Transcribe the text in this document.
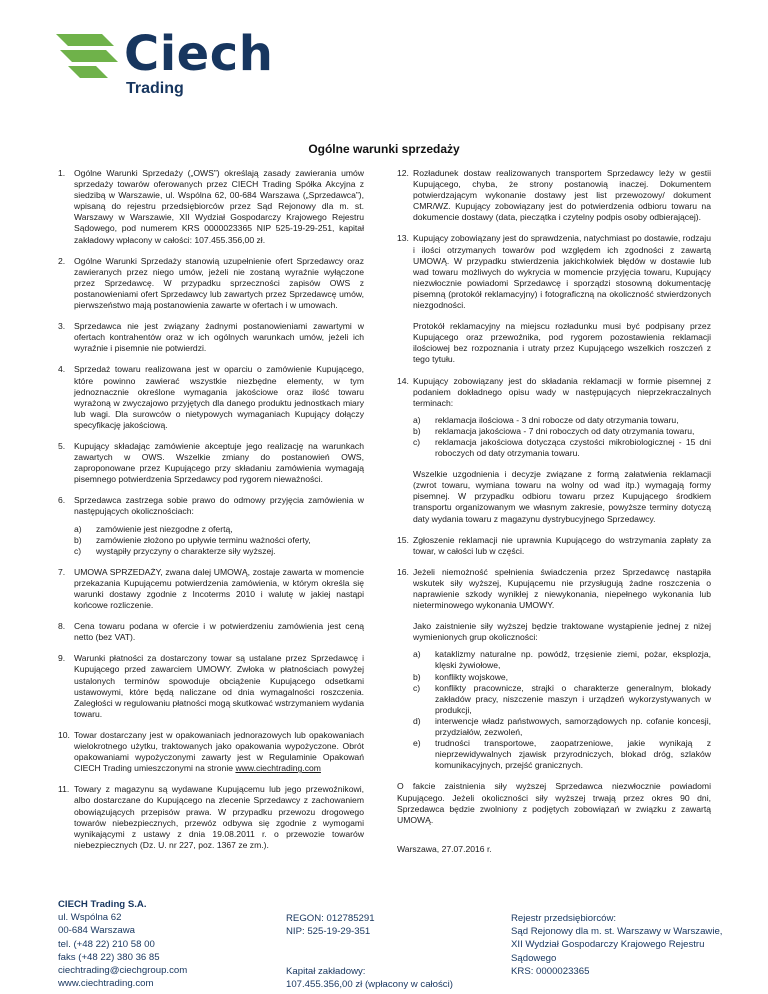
Ciech
Trading
Ogólne warunki sprzedaży
1. Ogólne Warunki Sprzedaży („OWS”) określają zasady zawierania umów sprzedaży towarów oferowanych przez CIECH Trading Spółka Akcyjna z siedzibą w Warszawie, ul. Wspólna 62, 00-684 Warszawa („Sprzedawca”), wpisaną do rejestru przedsiębiorców przez Sąd Rejonowy dla m. st. Warszawy w Warszawie, XII Wydział Gospodarczy Krajowego Rejestru Sądowego, pod numerem KRS 0000023365 NIP 525-19-29-251, kapitał zakładowy wpłacony w całości: 107.455.356,00 zł.
2. Ogólne Warunki Sprzedaży stanowią uzupełnienie ofert Sprzedawcy oraz zawieranych przez niego umów, jeżeli nie zostaną wyraźnie wyłączone przez Sprzedawcę. W przypadku sprzeczności zapisów OWS z postanowieniami ofert Sprzedawcy lub zawartych przez Sprzedawcę umów, pierwszeństwo mają postanowienia zawarte w ofertach i w umowach.
3. Sprzedawca nie jest związany żadnymi postanowieniami zawartymi w ofertach kontrahentów oraz w ich ogólnych warunkach umów, jeżeli ich wyraźnie i pisemnie nie potwierdzi.
4. Sprzedaż towaru realizowana jest w oparciu o zamówienie Kupującego, które powinno zawierać wszystkie niezbędne elementy, w tym jednoznacznie określone wymagania jakościowe oraz ilość towaru wyrażoną w zwyczajowo przyjętych dla danego produktu jednostkach miary lub wagi. Dla surowców o nietypowych wymaganiach Kupujący dołączy specyfikację jakościową.
5. Kupujący składając zamówienie akceptuje jego realizację na warunkach zawartych w OWS. Wszelkie zmiany do postanowień OWS, zaproponowane przez Kupującego przy składaniu zamówienia wymagają pisemnego potwierdzenia Sprzedawcy pod rygorem nieważności.
6. Sprzedawca zastrzega sobie prawo do odmowy przyjęcia zamówienia w następujących okolicznościach:
a) zamówienie jest niezgodne z ofertą,
b) zamówienie złożono po upływie terminu ważności oferty,
c) wystąpiły przyczyny o charakterze siły wyższej.
7. UMOWA SPRZEDAŻY, zwana dalej UMOWĄ, zostaje zawarta w momencie przekazania Kupującemu potwierdzenia zamówienia, w którym określa się warunki dostawy zgodnie z Incoterms 2010 i walutę w jakiej nastąpi końcowe rozliczenie.
8. Cena towaru podana w ofercie i w potwierdzeniu zamówienia jest ceną netto (bez VAT).
9. Warunki płatności za dostarczony towar są ustalane przez Sprzedawcę i Kupującego przed zawarciem UMOWY. Zwłoka w płatnościach powyżej ustalonych terminów spowoduje obciążenie Kupującego odsetkami ustawowymi, które będą naliczane od dnia wymagalności roszczenia. Zaległości w regulowaniu płatności mogą skutkować wstrzymaniem wydania towaru.
10. Towar dostarczany jest w opakowaniach jednorazowych lub opakowaniach wielokrotnego użytku, traktowanych jako opakowania wypożyczone. Obrót opakowaniami wypożyczonymi zawarty jest w Regulaminie Opakowań CIECH Trading umieszczonymi na stronie www.ciechtrading.com
11. Towary z magazynu są wydawane Kupującemu lub jego przewoźnikowi, albo dostarczane do Kupującego na zlecenie Sprzedawcy z zachowaniem obowiązujących przepisów prawa. W przypadku przewozu drogowego towarów niebezpiecznych, przewóz odbywa się zgodnie z wymogami wynikającymi z ustawy z dnia 19.08.2011 r. o przewozie towarów niebezpiecznych (Dz. U. nr 227, poz. 1367 ze zm.).
12. Rozładunek dostaw realizowanych transportem Sprzedawcy leży w gestii Kupującego, chyba, że strony postanowią inaczej. Dokumentem potwierdzającym wykonanie dostawy jest list przewozowy/ dokument CMR/WZ. Kupujący zobowiązany jest do potwierdzenia odbioru towaru na dokumencie dostawy (data, pieczątka i czytelny podpis osoby odbierającej).
13. Kupujący zobowiązany jest do sprawdzenia, natychmiast po dostawie, rodzaju i ilości otrzymanych towarów pod względem ich zgodności z zawartą UMOWĄ. W przypadku stwierdzenia jakichkolwiek błędów w dostawie lub wad towaru możliwych do wykrycia w momencie przyjęcia towaru, Kupujący niezwłocznie powiadomi Sprzedawcę i sporządzi stosowną dokumentację pisemną (protokół reklamacyjny) i fotograficzną na okoliczność stwierdzonych niezgodności.
Protokół reklamacyjny na miejscu rozładunku musi być podpisany przez Kupującego oraz przewoźnika, pod rygorem pozostawienia reklamacji ilościowej bez rozpoznania i utraty przez Kupującego wszelkich roszczeń z tego tytułu.
14. Kupujący zobowiązany jest do składania reklamacji w formie pisemnej z podaniem dokładnego opisu wady w następujących nieprzekraczalnych terminach:
a) reklamacja ilościowa - 3 dni robocze od daty otrzymania towaru,
b) reklamacja jakościowa - 7 dni roboczych od daty otrzymania towaru,
c) reklamacja jakościowa dotycząca czystości mikrobiologicznej - 15 dni roboczych od daty otrzymania towaru.
Wszelkie uzgodnienia i decyzje związane z formą załatwienia reklamacji (zwrot towaru, wymiana towaru na wolny od wad itp.) wymagają formy pisemnej. W przypadku odbioru towaru przez Kupującego środkiem transportu organizowanym we własnym zakresie, powyższe terminy dotyczą daty wydania towaru z magazynu dystrybucyjnego Sprzedawcy.
15. Zgłoszenie reklamacji nie uprawnia Kupującego do wstrzymania zapłaty za towar, w całości lub w części.
16. Jeżeli niemożność spełnienia świadczenia przez Sprzedawcę nastąpiła wskutek siły wyższej, Kupującemu nie przysługują żadne roszczenia o naprawienie szkody wynikłej z niewykonania, niepełnego wykonania lub nieterminowego wykonania UMOWY.
Jako zaistnienie siły wyższej będzie traktowane wystąpienie jednej z niżej wymienionych grup okoliczności:
a) kataklizmy naturalne np. powódź, trzęsienie ziemi, pożar, eksplozja, klęski żywiołowe,
b) konflikty wojskowe,
c) konflikty pracownicze, strajki o charakterze generalnym, blokady zakładów pracy, niszczenie maszyn i urządzeń wykorzystywanych w produkcji,
d) interwencje władz państwowych, samorządowych np. cofanie koncesji, przydziałów, zezwoleń,
e) trudności transportowe, zaopatrzeniowe, jakie wynikają z nieprzewidywalnych zjawisk przyrodniczych, blokad dróg, szlaków komunikacyjnych, przejść granicznych.
O fakcie zaistnienia siły wyższej Sprzedawca niezwłocznie powiadomi Kupującego. Jeżeli okoliczności siły wyższej trwają przez okres 90 dni, Sprzedawca będzie zwolniony z podjętych zobowiązań w związku z zawartą UMOWĄ.
Warszawa, 27.07.2016 r.
CIECH Trading S.A.
ul. Wspólna 62
00-684 Warszawa
tel. (+48 22) 210 58 00
faks (+48 22) 380 36 85
ciechtrading@ciechgroup.com
www.ciechtrading.com
REGON: 012785291
NIP: 525-19-29-351
Kapitał zakładowy:
107.455.356,00 zł (wpłacony w całości)
Rejestr przedsiębiorców:
Sąd Rejonowy dla m. st. Warszawy w Warszawie,
XII Wydział Gospodarczy Krajowego Rejestru
Sądowego
KRS: 0000023365
